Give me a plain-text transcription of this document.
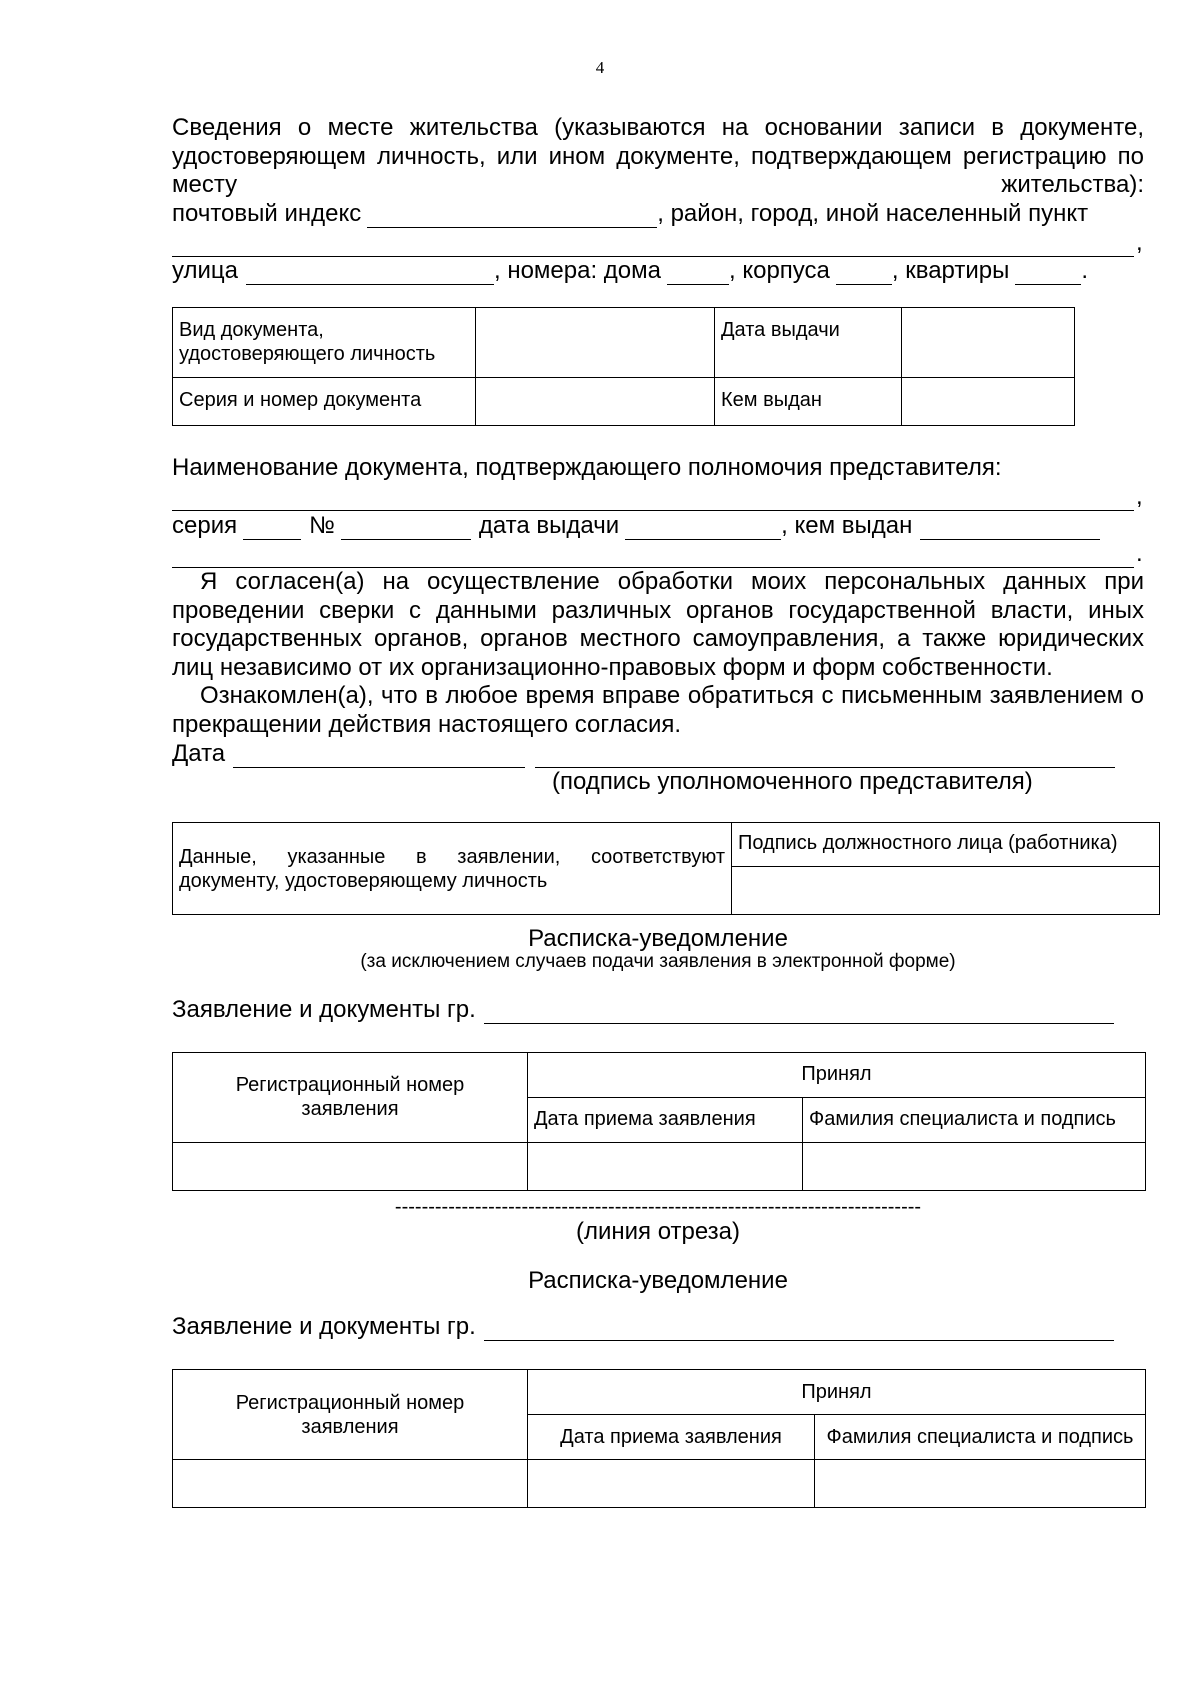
4

Сведения о месте жительства (указываются на основании записи в документе, удостоверяющем личность, или ином документе, подтверждающем регистрацию по месту жительства):

почтовый индекс	, район, город, иной населенный пункт
,
улица	, номера: дома	, корпуса	, квартиры	.
Вид документа, удостоверяющего личность		Дата выдачи	
Серия и номер документа		Кем выдан	

Наименование документа, подтверждающего полномочия представителя:

,
серия	№	дата выдачи	, кем выдан
.

Я согласен(а) на осуществление обработки моих персональных данных при проведении сверки с данными различных органов государственной власти, иных государственных органов, органов местного самоуправления, а также юридических лиц независимо от их организационно-правовых форм и форм собственности.

Ознакомлен(а), что в любое время вправе обратиться с письменным заявлением о прекращении действия настоящего согласия.

Дата
(подпись уполномоченного представителя)
Данные, указанные в заявлении, соответствуют документу, удостоверяющему личность	Подпись должностного лица (работника)

Расписка-уведомление
(за исключением случаев подачи заявления в электронной форме)
Заявление и документы гр.
Регистрационный номер заявления	Принял	
	Дата приема заявления	Фамилия специалиста и подпись

-------------------------------------------------------------------------------
(линия отреза)
Расписка-уведомление
Заявление и документы гр.
Регистрационный номер заявления	Принял	
	Дата приема заявления	Фамилия специалиста и подпись
